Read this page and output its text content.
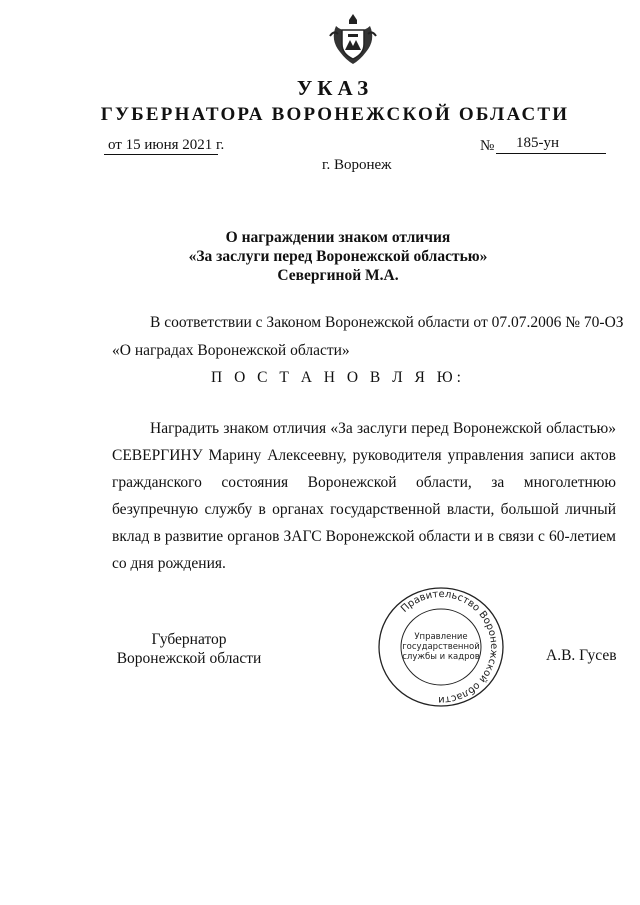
УКАЗ
ГУБЕРНАТОРА ВОРОНЕЖСКОЙ ОБЛАСТИ
от 15 июня 2021 г.	№ 185-ун
г. Воронеж
О награждении знаком отличия
«За заслуги перед Воронежской областью»
Севергиной М.А.
В соответствии с Законом Воронежской области от 07.07.2006 № 70-ОЗ
«О наградах Воронежской области»
П О С Т А Н О В Л Я Ю:
Наградить знаком отличия «За заслуги перед Воронежской областью» СЕВЕРГИНУ Марину Алексеевну, руководителя управления записи актов гражданского состояния Воронежской области, за многолетнюю безупречную службу в органах государственной власти, большой личный вклад в развитие органов ЗАГС Воронежской области и в связи с 60-летием со дня рождения.
Губернатор
Воронежской области
Правительство Воронежской области
Управление
государственной
службы и кадров	А.В. Гусев
